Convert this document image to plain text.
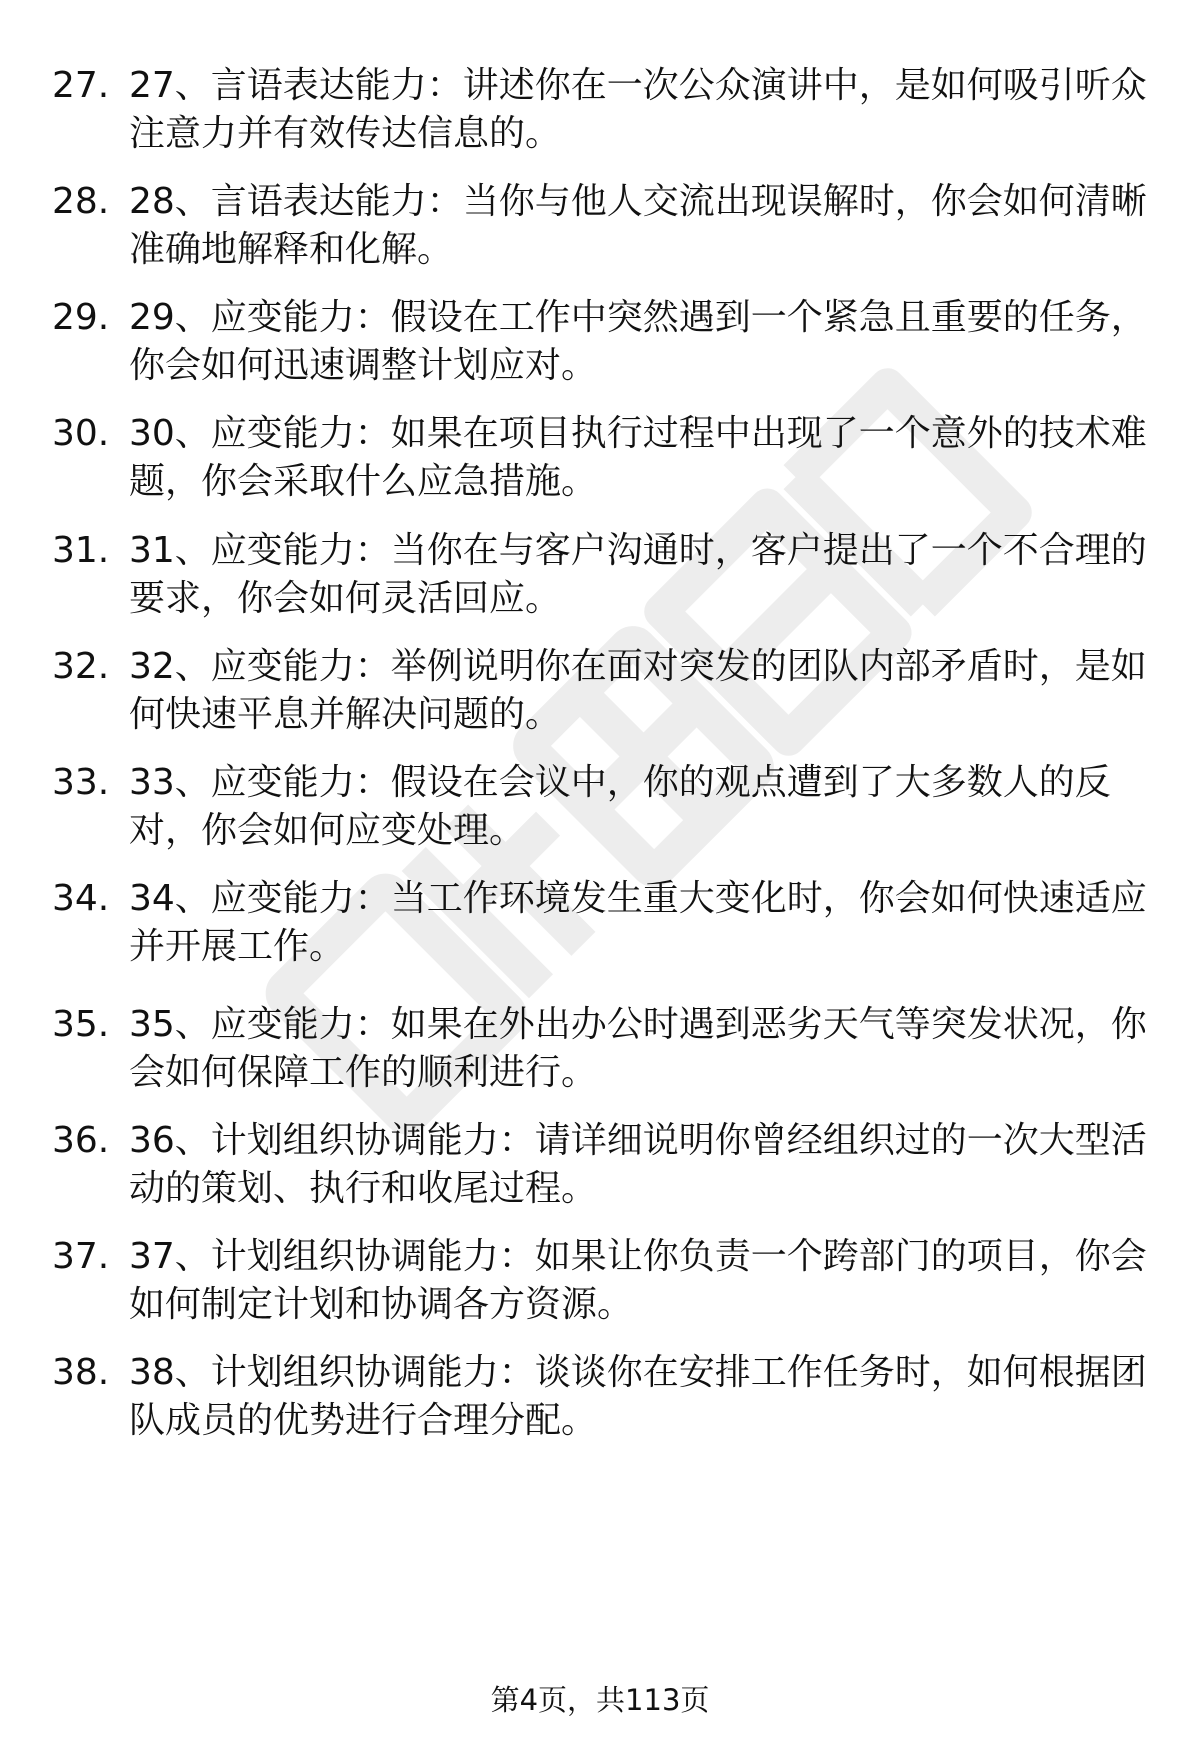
27. 27、言语表达能力：讲述你在一次公众演讲中，是如何吸引听众注意力并有效传达信息的。
28. 28、言语表达能力：当你与他人交流出现误解时，你会如何清晰准确地解释和化解。
29. 29、应变能力：假设在工作中突然遇到一个紧急且重要的任务，你会如何迅速调整计划应对。
30. 30、应变能力：如果在项目执行过程中出现了一个意外的技术难题，你会采取什么应急措施。
31. 31、应变能力：当你在与客户沟通时，客户提出了一个不合理的要求，你会如何灵活回应。
32. 32、应变能力：举例说明你在面对突发的团队内部矛盾时，是如何快速平息并解决问题的。
33. 33、应变能力：假设在会议中，你的观点遭到了大多数人的反对，你会如何应变处理。
34. 34、应变能力：当工作环境发生重大变化时，你会如何快速适应并开展工作。
35. 35、应变能力：如果在外出办公时遇到恶劣天气等突发状况，你会如何保障工作的顺利进行。
36. 36、计划组织协调能力：请详细说明你曾经组织过的一次大型活动的策划、执行和收尾过程。
37. 37、计划组织协调能力：如果让你负责一个跨部门的项目，你会如何制定计划和协调各方资源。
38. 38、计划组织协调能力：谈谈你在安排工作任务时，如何根据团队成员的优势进行合理分配。
第4页，共113页
